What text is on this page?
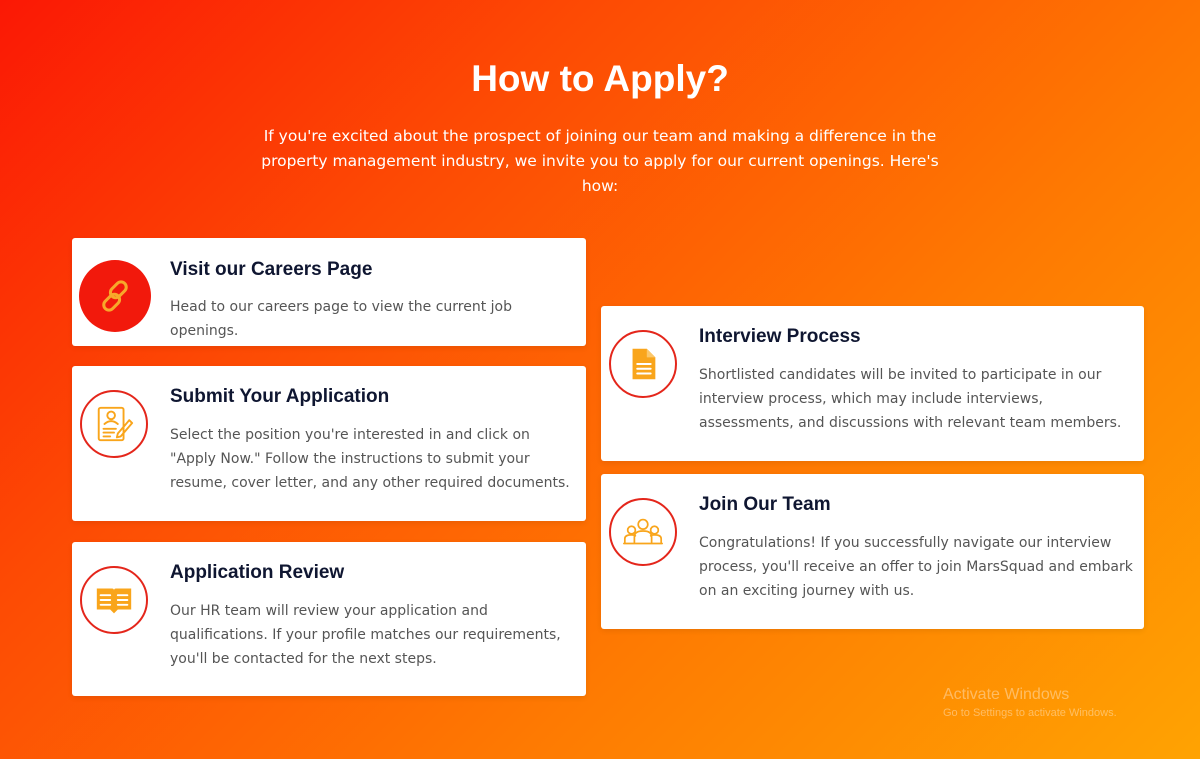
How to Apply?

If you're excited about the prospect of joining our team and making a difference in the property management industry, we invite you to apply for our current openings. Here's how:

Visit our Careers Page

Head to our careers page to view the current job openings.

Submit Your Application

Select the position you're interested in and click on "Apply Now." Follow the instructions to submit your resume, cover letter, and any other required documents.

Application Review

Our HR team will review your application and qualifications. If your profile matches our requirements, you'll be contacted for the next steps.

Interview Process

Shortlisted candidates will be invited to participate in our interview process, which may include interviews, assessments, and discussions with relevant team members.

Join Our Team

Congratulations! If you successfully navigate our interview process, you'll receive an offer to join MarsSquad and embark on an exciting journey with us.

Activate Windows
Go to Settings to activate Windows.
